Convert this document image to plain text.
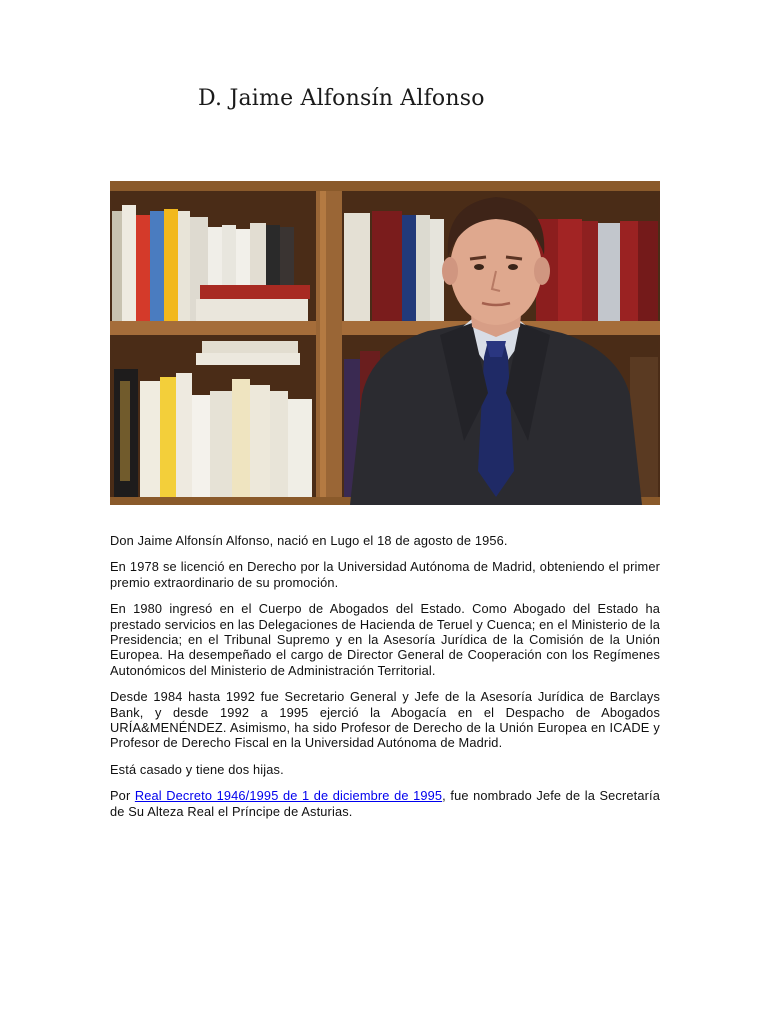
D. Jaime Alfonsín Alfonso

Don Jaime Alfonsín Alfonso, nació en Lugo el 18 de agosto de 1956.

En 1978 se licenció en Derecho por la Universidad Autónoma de Madrid, obteniendo el primer premio extraordinario de su promoción.

En 1980 ingresó en el Cuerpo de Abogados del Estado. Como Abogado del Estado ha prestado servicios en las Delegaciones de Hacienda de Teruel y Cuenca; en el Ministerio de la Presidencia; en el Tribunal Supremo y en la Asesoría Jurídica de la Comisión de la Unión Europea. Ha desempeñado el cargo de Director General de Cooperación con los Regímenes Autonómicos del Ministerio de Administración Territorial.

Desde 1984 hasta 1992 fue Secretario General y Jefe de la Asesoría Jurídica de Barclays Bank, y desde 1992 a 1995 ejerció la Abogacía en el Despacho de Abogados URÍA&MENÉNDEZ. Asimismo, ha sido Profesor de Derecho de la Unión Europea en ICADE y Profesor de Derecho Fiscal en la Universidad Autónoma de Madrid.

Está casado y tiene dos hijas.

Por Real Decreto 1946/1995 de 1 de diciembre de 1995, fue nombrado Jefe de la Secretaría de Su Alteza Real el Príncipe de Asturias.
